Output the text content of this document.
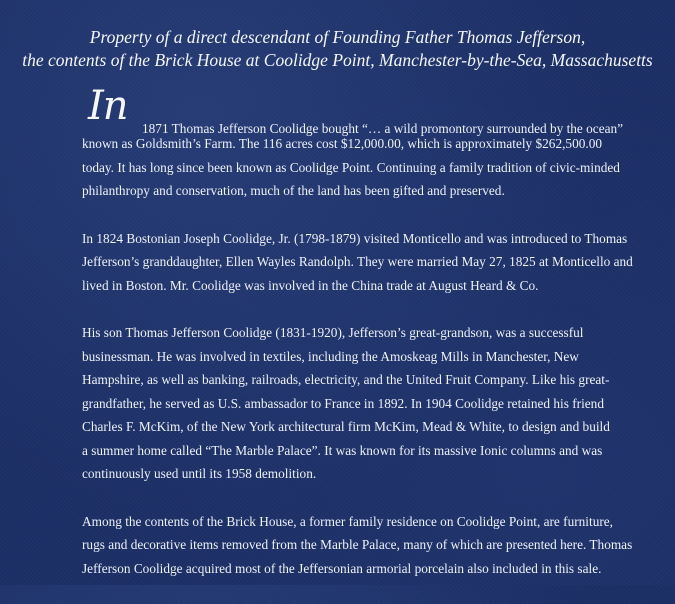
Property of a direct descendant of Founding Father Thomas Jefferson,
the contents of the Brick House at Coolidge Point, Manchester-by-the-Sea, Massachusetts

In 1871 Thomas Jefferson Coolidge bought “… a wild promontory surrounded by the ocean”
known as Goldsmith’s Farm. The 116 acres cost $12,000.00, which is approximately $262,500.00
today. It has long since been known as Coolidge Point. Continuing a family tradition of civic-minded
philanthropy and conservation, much of the land has been gifted and preserved.

In 1824 Bostonian Joseph Coolidge, Jr. (1798-1879) visited Monticello and was introduced to Thomas
Jefferson’s granddaughter, Ellen Wayles Randolph. They were married May 27, 1825 at Monticello and
lived in Boston. Mr. Coolidge was involved in the China trade at August Heard & Co.

His son Thomas Jefferson Coolidge (1831-1920), Jefferson’s great-grandson, was a successful
businessman. He was involved in textiles, including the Amoskeag Mills in Manchester, New
Hampshire, as well as banking, railroads, electricity, and the United Fruit Company. Like his great-
grandfather, he served as U.S. ambassador to France in 1892. In 1904 Coolidge retained his friend
Charles F. McKim, of the New York architectural firm McKim, Mead & White, to design and build
a summer home called “The Marble Palace”. It was known for its massive Ionic columns and was
continuously used until its 1958 demolition.

Among the contents of the Brick House, a former family residence on Coolidge Point, are furniture,
rugs and decorative items removed from the Marble Palace, many of which are presented here. Thomas
Jefferson Coolidge acquired most of the Jeffersonian armorial porcelain also included in this sale.
